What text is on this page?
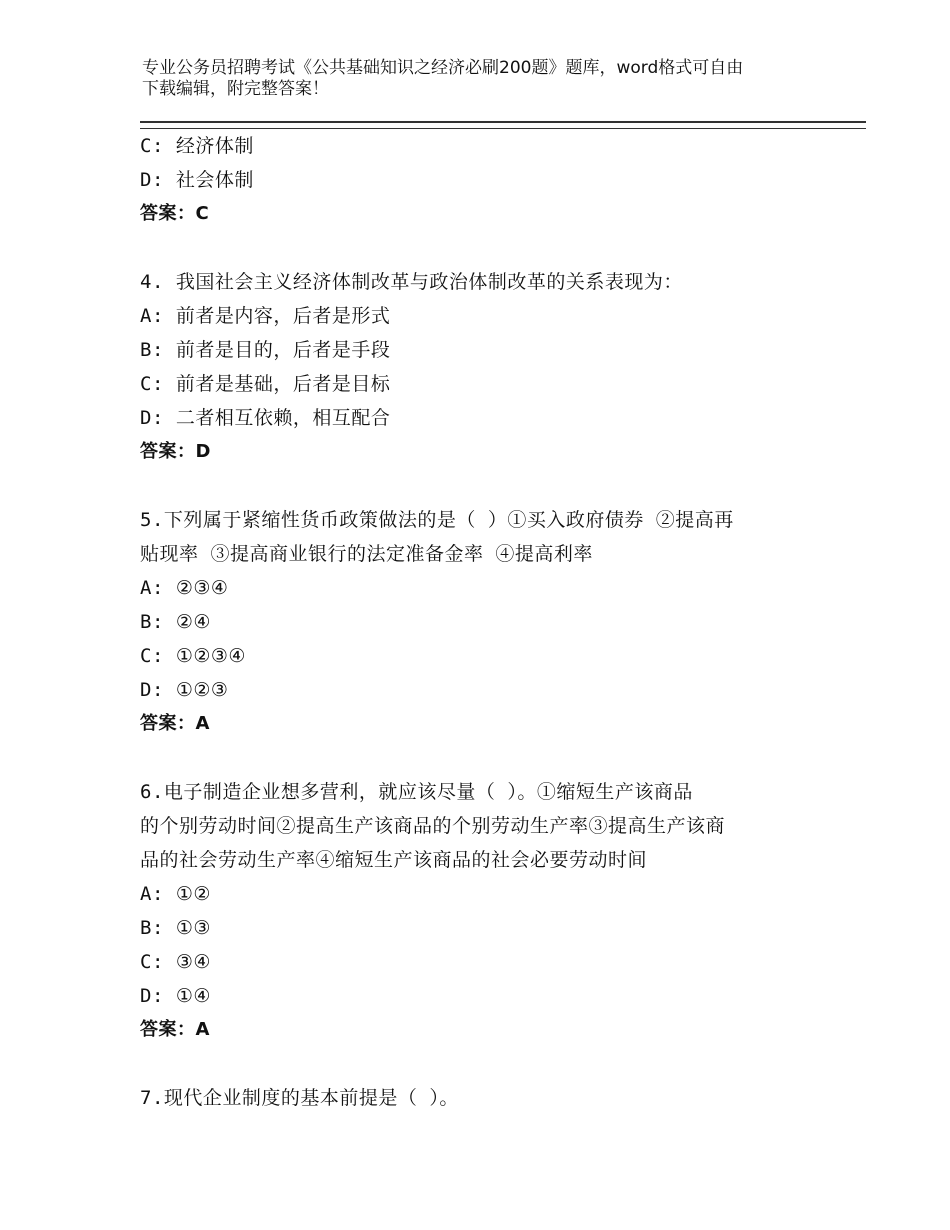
专业公务员招聘考试《公共基础知识之经济必刷200题》题库，word格式可自由
下载编辑，附完整答案！
C: 经济体制
D: 社会体制
答案：C
4. 我国社会主义经济体制改革与政治体制改革的关系表现为：
A: 前者是内容，后者是形式
B: 前者是目的，后者是手段
C: 前者是基础，后者是目标
D: 二者相互依赖，相互配合
答案：D
5.下列属于紧缩性货币政策做法的是（ ）①买入政府债券 ②提高再
贴现率 ③提高商业银行的法定准备金率 ④提高利率
A: ②③④
B: ②④
C: ①②③④
D: ①②③
答案：A
6.电子制造企业想多营利，就应该尽量（ ）。①缩短生产该商品
的个别劳动时间②提高生产该商品的个别劳动生产率③提高生产该商
品的社会劳动生产率④缩短生产该商品的社会必要劳动时间
A: ①②
B: ①③
C: ③④
D: ①④
答案：A
7.现代企业制度的基本前提是（ ）。
